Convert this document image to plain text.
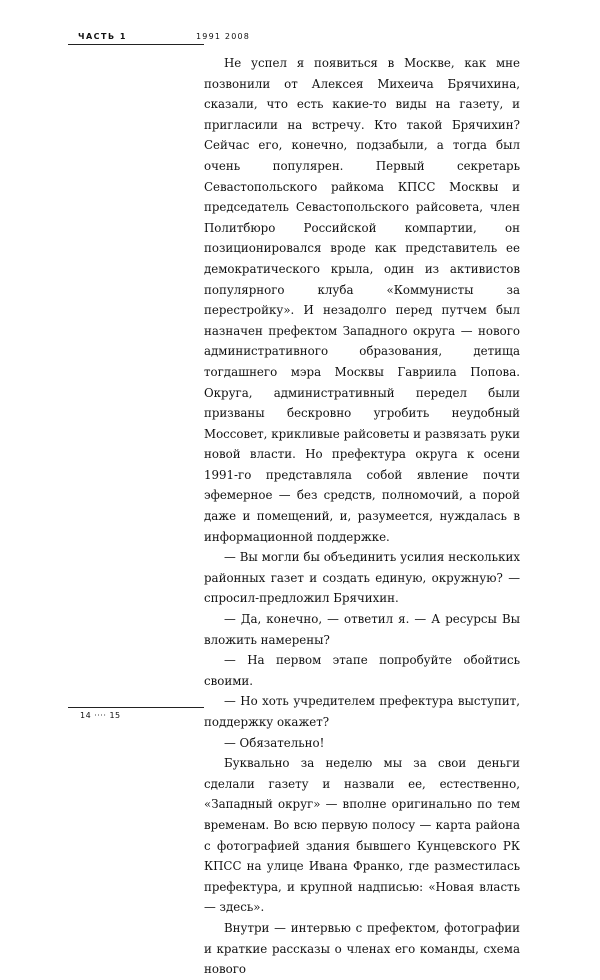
ЧАСТЬ 1	1991 2008

Не успел я появиться в Москве, как мне позвонили от Алексея Михеича Брячихина, сказали, что есть какие-то виды на газету, и пригласили на встречу. Кто такой Брячихин? Сейчас его, конечно, подзабыли, а тогда был очень популярен. Первый секретарь Севастопольского райкома КПСС Москвы и председатель Севастопольского райсовета, член Политбюро Российской компартии, он позиционировался вроде как представитель ее демократического крыла, один из активистов популярного клуба «Коммунисты за перестройку». И незадолго перед путчем был назначен префектом Западного округа — нового административного образования, детища тогдашнего мэра Москвы Гавриила Попова. Округа, административный передел были призваны бескровно угробить неудобный Моссовет, крикливые райсоветы и развязать руки новой власти. Но префектура округа к осени 1991-го представляла собой явление почти эфемерное — без средств, полномочий, а порой даже и помещений, и, разумеется, нуждалась в информационной поддержке.

— Вы могли бы объединить усилия нескольких районных газет и создать единую, окружную? — спросил-предложил Брячихин.

— Да, конечно, — ответил я. — А ресурсы Вы вложить намерены?

— На первом этапе попробуйте обойтись своими.

— Но хоть учредителем префектура выступит, поддержку окажет?

— Обязательно!

Буквально за неделю мы за свои деньги сделали газету и назвали ее, естественно, «Западный округ» — вполне оригинально по тем временам. Во всю первую полосу — карта района с фотографией здания бывшего Кунцевского РК КПСС на улице Ивана Франко, где разместилась префектура, и крупной надписью: «Новая власть — здесь».

Внутри — интервью с префектом, фотографии и краткие рассказы о членах его команды, схема нового

14 ···· 15
